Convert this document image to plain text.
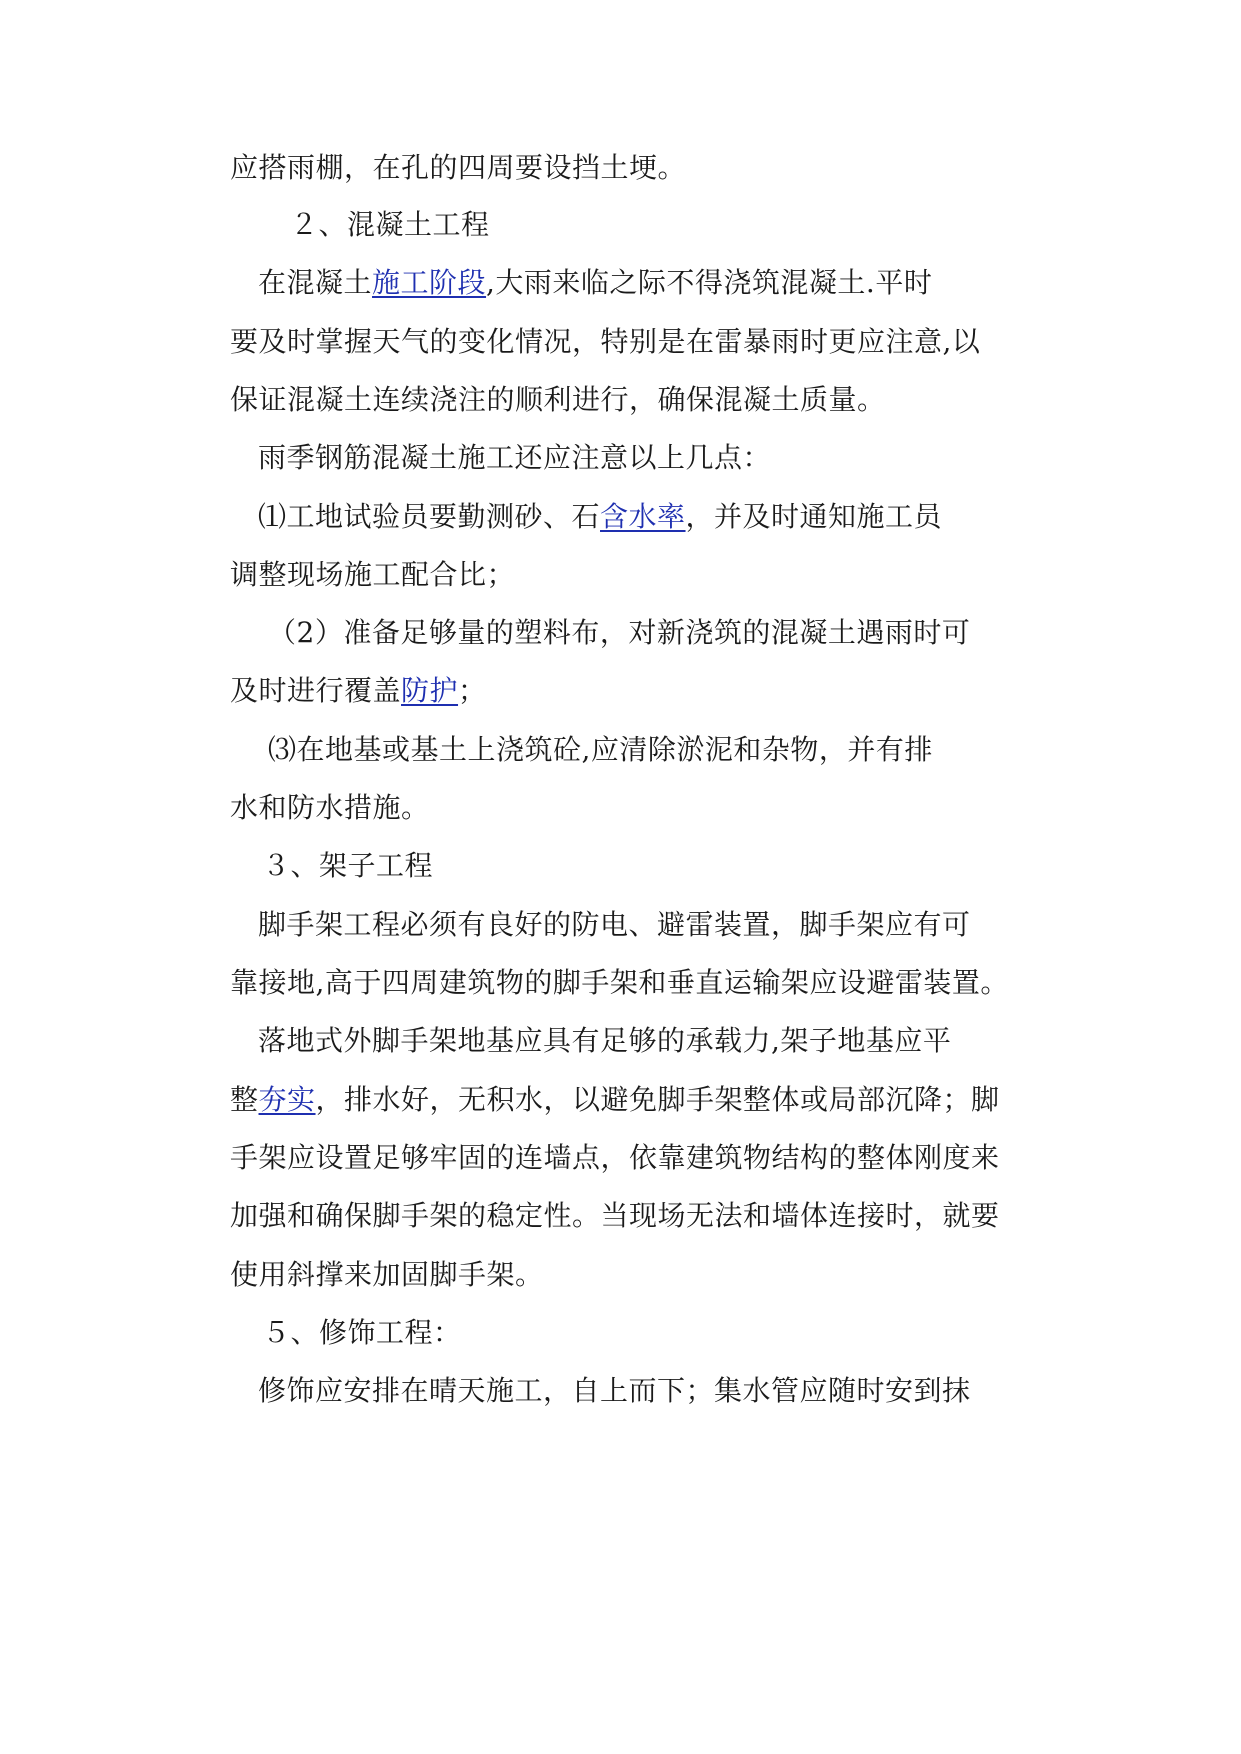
应搭雨棚，在孔的四周要设挡土埂。
２、混凝土工程
在混凝土施工阶段,大雨来临之际不得浇筑混凝土.平时
要及时掌握天气的变化情况，特别是在雷暴雨时更应注意,以
保证混凝土连续浇注的顺利进行，确保混凝土质量。
雨季钢筋混凝土施工还应注意以上几点：
⑴工地试验员要勤测砂、石含水率，并及时通知施工员
调整现场施工配合比；
（2）准备足够量的塑料布，对新浇筑的混凝土遇雨时可
及时进行覆盖防护；
⑶在地基或基土上浇筑砼,应清除淤泥和杂物，并有排
水和防水措施。
３、架子工程
脚手架工程必须有良好的防电、避雷装置，脚手架应有可
靠接地,高于四周建筑物的脚手架和垂直运输架应设避雷装置。
落地式外脚手架地基应具有足够的承载力,架子地基应平
整夯实，排水好，无积水，以避免脚手架整体或局部沉降；脚
手架应设置足够牢固的连墙点，依靠建筑物结构的整体刚度来
加强和确保脚手架的稳定性。当现场无法和墙体连接时，就要
使用斜撑来加固脚手架。
５、修饰工程：
修饰应安排在晴天施工，自上而下；集水管应随时安到抹
